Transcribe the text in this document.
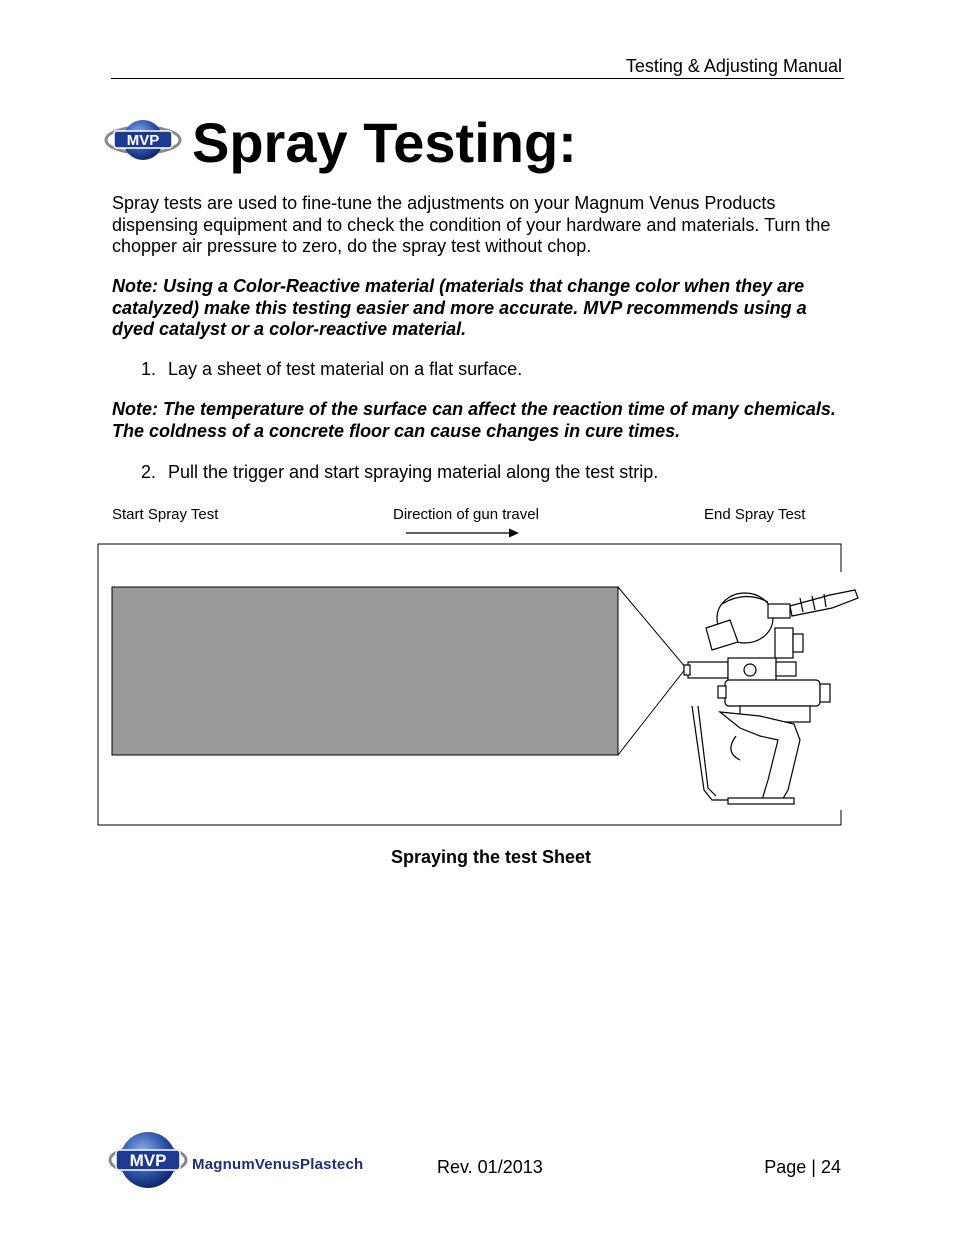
Testing & Adjusting Manual
MVP Spray Testing:
Spray tests are used to fine-tune the adjustments on your Magnum Venus Products dispensing equipment and to check the condition of your hardware and materials. Turn the chopper air pressure to zero, do the spray test without chop.
Note: Using a Color-Reactive material (materials that change color when they are catalyzed) make this testing easier and more accurate. MVP recommends using a dyed catalyst or a color-reactive material.
1. Lay a sheet of test material on a flat surface.
Note: The temperature of the surface can affect the reaction time of many chemicals. The coldness of a concrete floor can cause changes in cure times.
2. Pull the trigger and start spraying material along the test strip.
Start Spray Test	Direction of gun travel	End Spray Test
Spraying the test Sheet
MVP MagnumVenusPlastech	Rev. 01/2013	Page | 24
